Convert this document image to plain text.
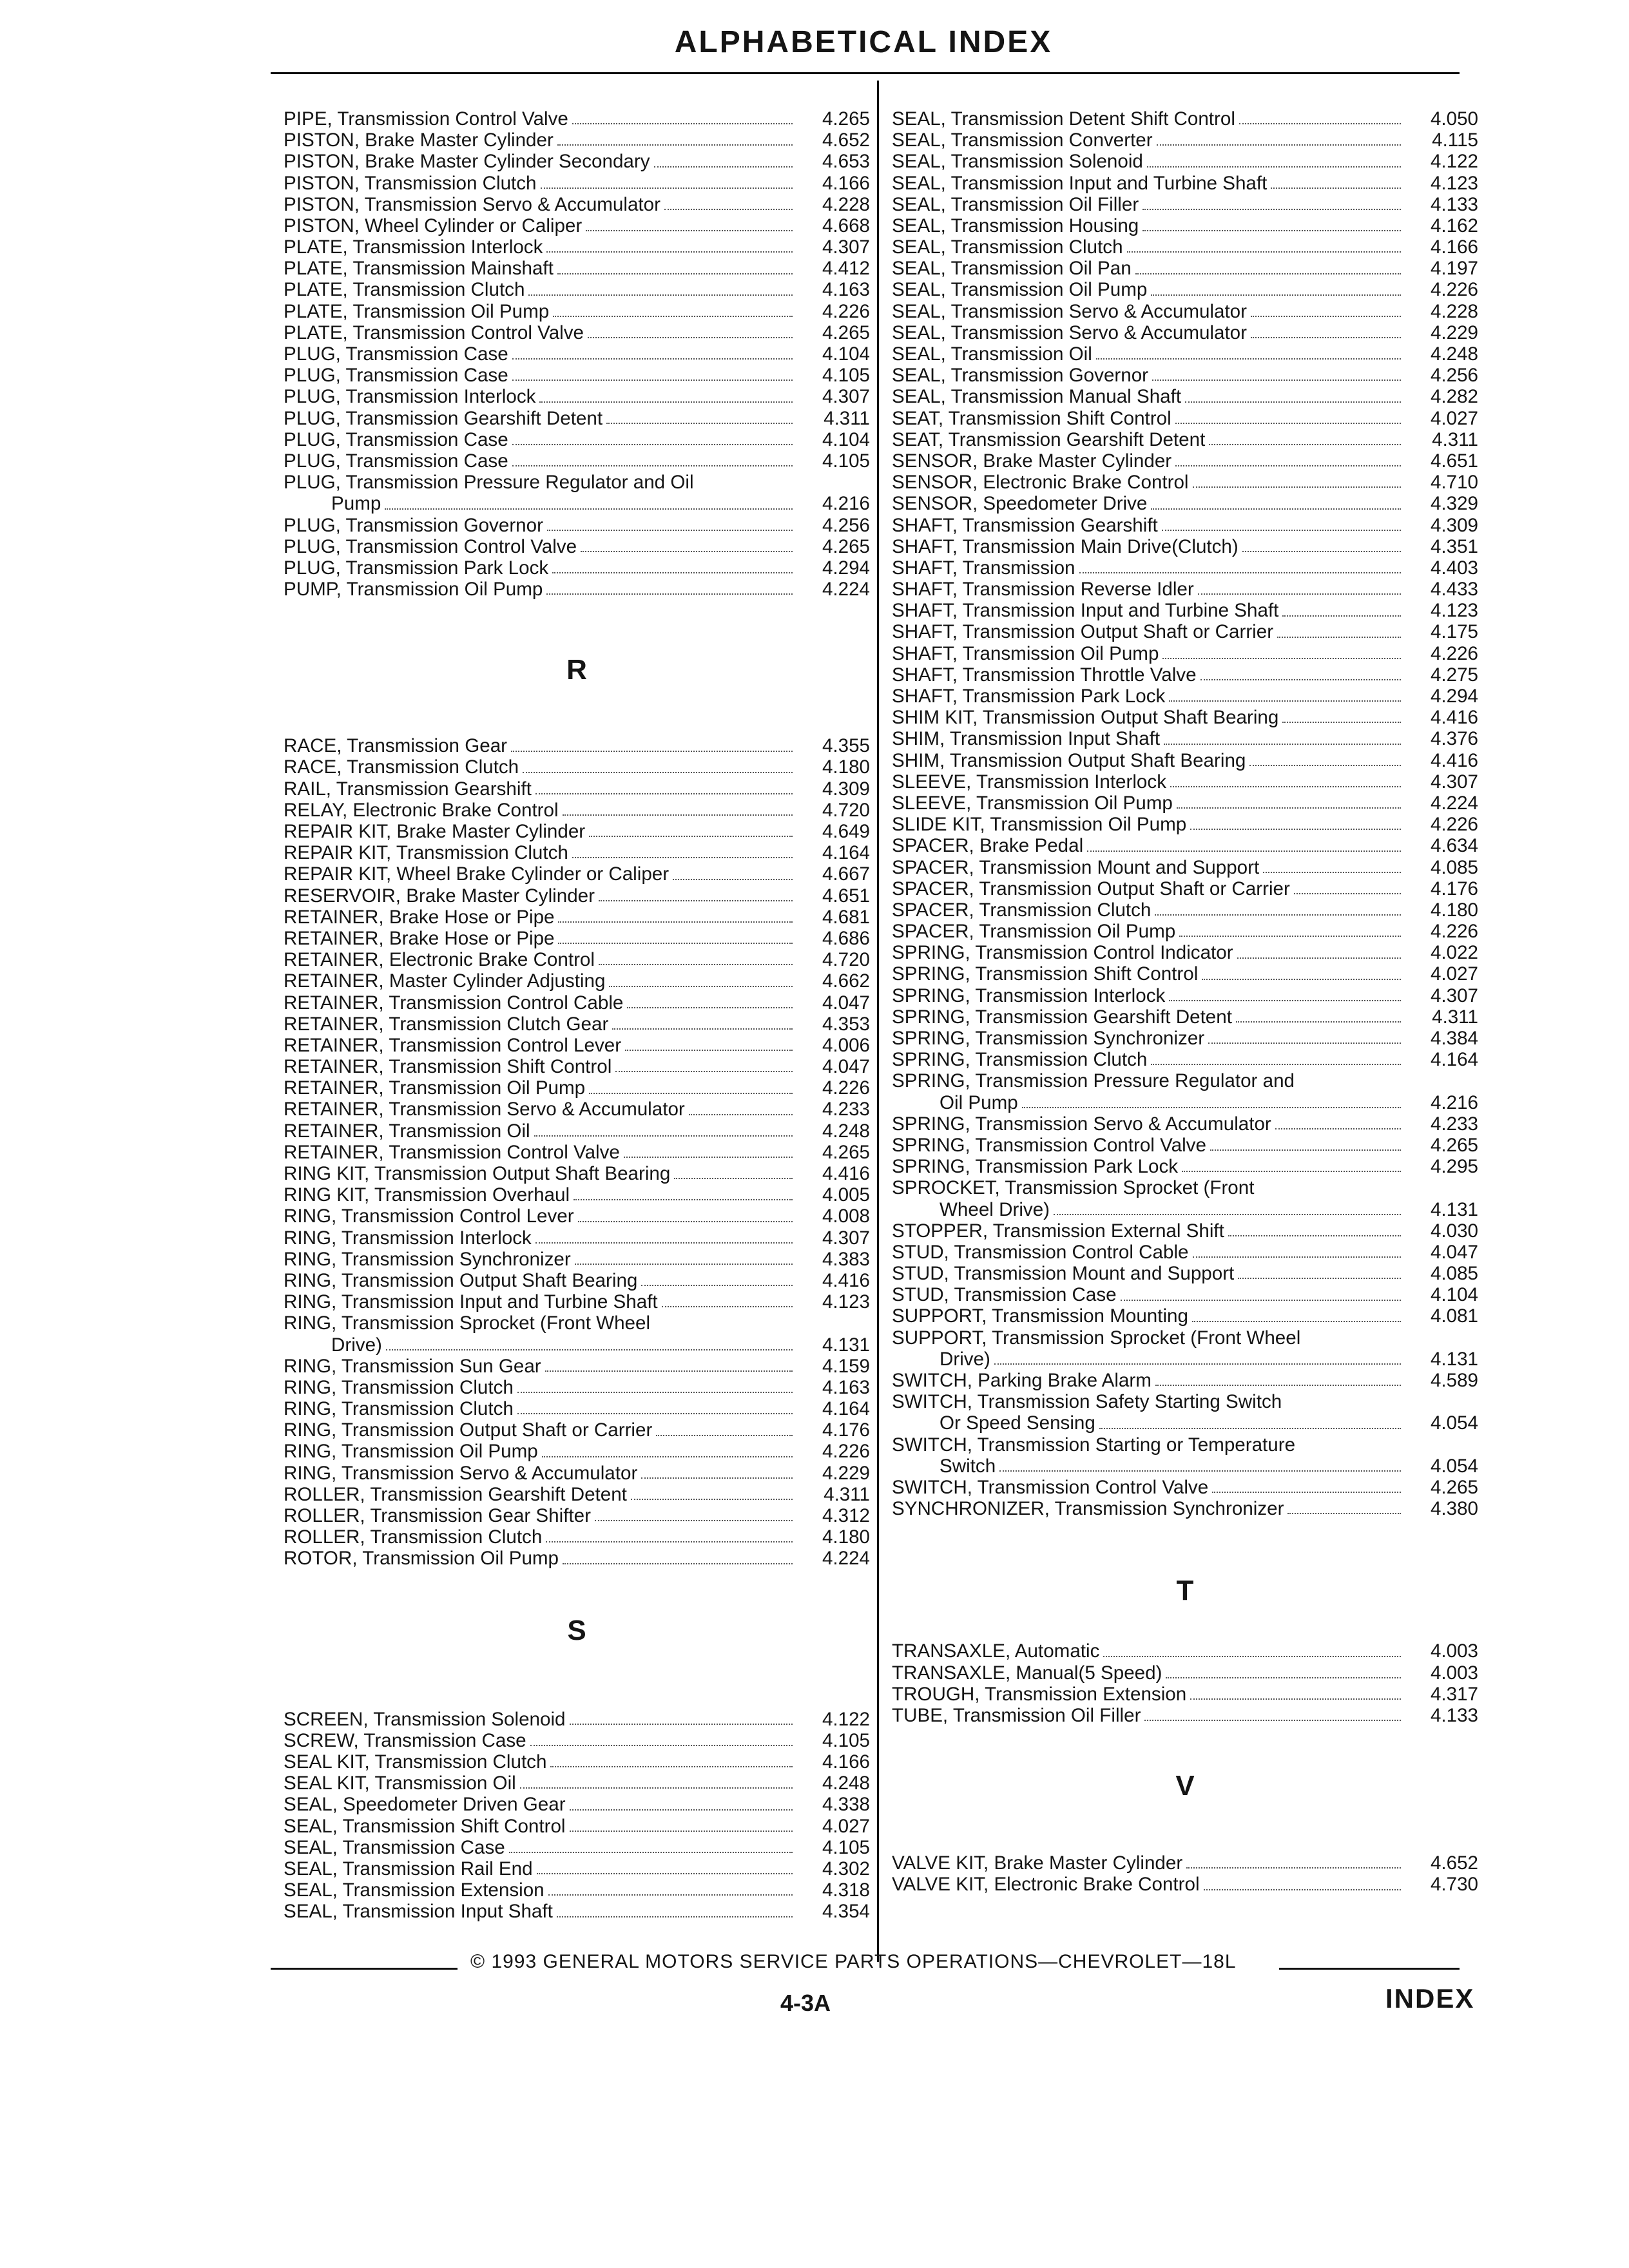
ALPHABETICAL INDEX
PIPE, Transmission Control Valve	4.265
PISTON, Brake Master Cylinder	4.652
PISTON, Brake Master Cylinder Secondary	4.653
PISTON, Transmission Clutch	4.166
PISTON, Transmission Servo & Accumulator	4.228
PISTON, Wheel Cylinder or Caliper	4.668
PLATE, Transmission Interlock	4.307
PLATE, Transmission Mainshaft	4.412
PLATE, Transmission Clutch	4.163
PLATE, Transmission Oil Pump	4.226
PLATE, Transmission Control Valve	4.265
PLUG, Transmission Case	4.104
PLUG, Transmission Case	4.105
PLUG, Transmission Interlock	4.307
PLUG, Transmission Gearshift Detent	4.311
PLUG, Transmission Case	4.104
PLUG, Transmission Case	4.105
PLUG, Transmission Pressure Regulator and Oil
Pump	4.216
PLUG, Transmission Governor	4.256
PLUG, Transmission Control Valve	4.265
PLUG, Transmission Park Lock	4.294
PUMP, Transmission Oil Pump	4.224
R
RACE, Transmission Gear	4.355
RACE, Transmission Clutch	4.180
RAIL, Transmission Gearshift	4.309
RELAY, Electronic Brake Control	4.720
REPAIR KIT, Brake Master Cylinder	4.649
REPAIR KIT, Transmission Clutch	4.164
REPAIR KIT, Wheel Brake Cylinder or Caliper	4.667
RESERVOIR, Brake Master Cylinder	4.651
RETAINER, Brake Hose or Pipe	4.681
RETAINER, Brake Hose or Pipe	4.686
RETAINER, Electronic Brake Control	4.720
RETAINER, Master Cylinder Adjusting	4.662
RETAINER, Transmission Control Cable	4.047
RETAINER, Transmission Clutch Gear	4.353
RETAINER, Transmission Control Lever	4.006
RETAINER, Transmission Shift Control	4.047
RETAINER, Transmission Oil Pump	4.226
RETAINER, Transmission Servo & Accumulator	4.233
RETAINER, Transmission Oil	4.248
RETAINER, Transmission Control Valve	4.265
RING KIT, Transmission Output Shaft Bearing	4.416
RING KIT, Transmission Overhaul	4.005
RING, Transmission Control Lever	4.008
RING, Transmission Interlock	4.307
RING, Transmission Synchronizer	4.383
RING, Transmission Output Shaft Bearing	4.416
RING, Transmission Input and Turbine Shaft	4.123
RING, Transmission Sprocket (Front Wheel
Drive)	4.131
RING, Transmission Sun Gear	4.159
RING, Transmission Clutch	4.163
RING, Transmission Clutch	4.164
RING, Transmission Output Shaft or Carrier	4.176
RING, Transmission Oil Pump	4.226
RING, Transmission Servo & Accumulator	4.229
ROLLER, Transmission Gearshift Detent	4.311
ROLLER, Transmission Gear Shifter	4.312
ROLLER, Transmission Clutch	4.180
ROTOR, Transmission Oil Pump	4.224
S
SCREEN, Transmission Solenoid	4.122
SCREW, Transmission Case	4.105
SEAL KIT, Transmission Clutch	4.166
SEAL KIT, Transmission Oil	4.248
SEAL, Speedometer Driven Gear	4.338
SEAL, Transmission Shift Control	4.027
SEAL, Transmission Case	4.105
SEAL, Transmission Rail End	4.302
SEAL, Transmission Extension	4.318
SEAL, Transmission Input Shaft	4.354
SEAL, Transmission Detent Shift Control	4.050
SEAL, Transmission Converter	4.115
SEAL, Transmission Solenoid	4.122
SEAL, Transmission Input and Turbine Shaft	4.123
SEAL, Transmission Oil Filler	4.133
SEAL, Transmission Housing	4.162
SEAL, Transmission Clutch	4.166
SEAL, Transmission Oil Pan	4.197
SEAL, Transmission Oil Pump	4.226
SEAL, Transmission Servo & Accumulator	4.228
SEAL, Transmission Servo & Accumulator	4.229
SEAL, Transmission Oil	4.248
SEAL, Transmission Governor	4.256
SEAL, Transmission Manual Shaft	4.282
SEAT, Transmission Shift Control	4.027
SEAT, Transmission Gearshift Detent	4.311
SENSOR, Brake Master Cylinder	4.651
SENSOR, Electronic Brake Control	4.710
SENSOR, Speedometer Drive	4.329
SHAFT, Transmission Gearshift	4.309
SHAFT, Transmission Main Drive(Clutch)	4.351
SHAFT, Transmission	4.403
SHAFT, Transmission Reverse Idler	4.433
SHAFT, Transmission Input and Turbine Shaft	4.123
SHAFT, Transmission Output Shaft or Carrier	4.175
SHAFT, Transmission Oil Pump	4.226
SHAFT, Transmission Throttle Valve	4.275
SHAFT, Transmission Park Lock	4.294
SHIM KIT, Transmission Output Shaft Bearing	4.416
SHIM, Transmission Input Shaft	4.376
SHIM, Transmission Output Shaft Bearing	4.416
SLEEVE, Transmission Interlock	4.307
SLEEVE, Transmission Oil Pump	4.224
SLIDE KIT, Transmission Oil Pump	4.226
SPACER, Brake Pedal	4.634
SPACER, Transmission Mount and Support	4.085
SPACER, Transmission Output Shaft or Carrier	4.176
SPACER, Transmission Clutch	4.180
SPACER, Transmission Oil Pump	4.226
SPRING, Transmission Control Indicator	4.022
SPRING, Transmission Shift Control	4.027
SPRING, Transmission Interlock	4.307
SPRING, Transmission Gearshift Detent	4.311
SPRING, Transmission Synchronizer	4.384
SPRING, Transmission Clutch	4.164
SPRING, Transmission Pressure Regulator and
Oil Pump	4.216
SPRING, Transmission Servo & Accumulator	4.233
SPRING, Transmission Control Valve	4.265
SPRING, Transmission Park Lock	4.295
SPROCKET, Transmission Sprocket (Front
Wheel Drive)	4.131
STOPPER, Transmission External Shift	4.030
STUD, Transmission Control Cable	4.047
STUD, Transmission Mount and Support	4.085
STUD, Transmission Case	4.104
SUPPORT, Transmission Mounting	4.081
SUPPORT, Transmission Sprocket (Front Wheel
Drive)	4.131
SWITCH, Parking Brake Alarm	4.589
SWITCH, Transmission Safety Starting Switch
Or Speed Sensing	4.054
SWITCH, Transmission Starting or Temperature
Switch	4.054
SWITCH, Transmission Control Valve	4.265
SYNCHRONIZER, Transmission Synchronizer	4.380
T
TRANSAXLE, Automatic	4.003
TRANSAXLE, Manual(5 Speed)	4.003
TROUGH, Transmission Extension	4.317
TUBE, Transmission Oil Filler	4.133
V
VALVE KIT, Brake Master Cylinder	4.652
VALVE KIT, Electronic Brake Control	4.730
© 1993 GENERAL MOTORS SERVICE PARTS OPERATIONS—CHEVROLET—18L
4-3A	INDEX
